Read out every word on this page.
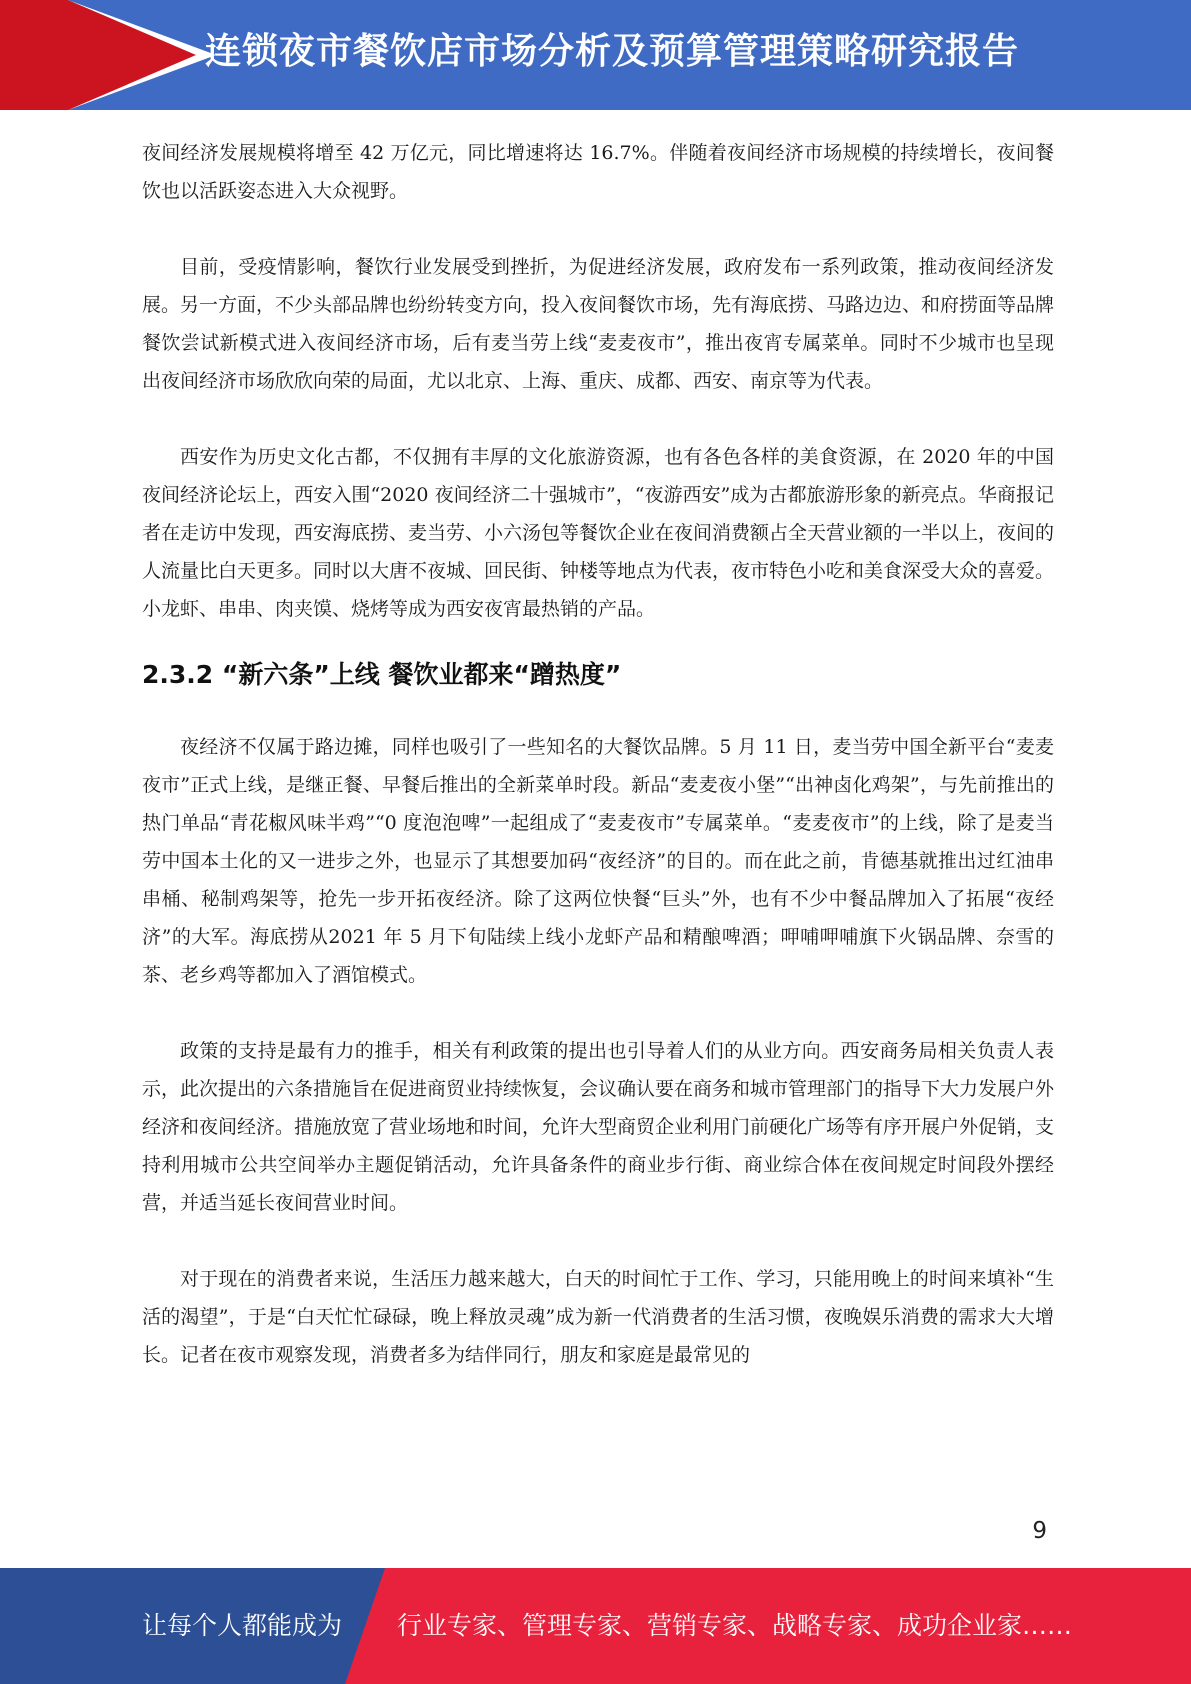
连锁夜市餐饮店市场分析及预算管理策略研究报告

夜间经济发展规模将增至 42 万亿元，同比增速将达 16.7%。伴随着夜间经济市场规模的持续增长，夜间餐饮也以活跃姿态进入大众视野。

目前，受疫情影响，餐饮行业发展受到挫折，为促进经济发展，政府发布一系列政策，推动夜间经济发展。另一方面，不少头部品牌也纷纷转变方向，投入夜间餐饮市场，先有海底捞、马路边边、和府捞面等品牌餐饮尝试新模式进入夜间经济市场，后有麦当劳上线“麦麦夜市”，推出夜宵专属菜单。同时不少城市也呈现出夜间经济市场欣欣向荣的局面，尤以北京、上海、重庆、成都、西安、南京等为代表。

西安作为历史文化古都，不仅拥有丰厚的文化旅游资源，也有各色各样的美食资源，在 2020 年的中国夜间经济论坛上，西安入围“2020 夜间经济二十强城市”，“夜游西安”成为古都旅游形象的新亮点。华商报记者在走访中发现，西安海底捞、麦当劳、小六汤包等餐饮企业在夜间消费额占全天营业额的一半以上，夜间的人流量比白天更多。同时以大唐不夜城、回民街、钟楼等地点为代表，夜市特色小吃和美食深受大众的喜爱。小龙虾、串串、肉夹馍、烧烤等成为西安夜宵最热销的产品。

2.3.2 “新六条”上线 餐饮业都来“蹭热度”

夜经济不仅属于路边摊，同样也吸引了一些知名的大餐饮品牌。5 月 11 日，麦当劳中国全新平台“麦麦夜市”正式上线，是继正餐、早餐后推出的全新菜单时段。新品“麦麦夜小堡”“出神卤化鸡架”，与先前推出的热门单品“青花椒风味半鸡”“0 度泡泡啤”一起组成了“麦麦夜市”专属菜单。“麦麦夜市”的上线，除了是麦当劳中国本土化的又一进步之外，也显示了其想要加码“夜经济”的目的。而在此之前，肯德基就推出过红油串串桶、秘制鸡架等，抢先一步开拓夜经济。除了这两位快餐“巨头”外，也有不少中餐品牌加入了拓展“夜经济”的大军。海底捞从2021 年 5 月下旬陆续上线小龙虾产品和精酿啤酒；呷哺呷哺旗下火锅品牌、奈雪的茶、老乡鸡等都加入了酒馆模式。

政策的支持是最有力的推手，相关有利政策的提出也引导着人们的从业方向。西安商务局相关负责人表示，此次提出的六条措施旨在促进商贸业持续恢复，会议确认要在商务和城市管理部门的指导下大力发展户外经济和夜间经济。措施放宽了营业场地和时间，允许大型商贸企业利用门前硬化广场等有序开展户外促销，支持利用城市公共空间举办主题促销活动，允许具备条件的商业步行街、商业综合体在夜间规定时间段外摆经营，并适当延长夜间营业时间。

对于现在的消费者来说，生活压力越来越大，白天的时间忙于工作、学习，只能用晚上的时间来填补“生活的渴望”，于是“白天忙忙碌碌，晚上释放灵魂”成为新一代消费者的生活习惯，夜晚娱乐消费的需求大大增长。记者在夜市观察发现，消费者多为结伴同行，朋友和家庭是最常见的

9
让每个人都能成为 行业专家、管理专家、营销专家、战略专家、成功企业家……
